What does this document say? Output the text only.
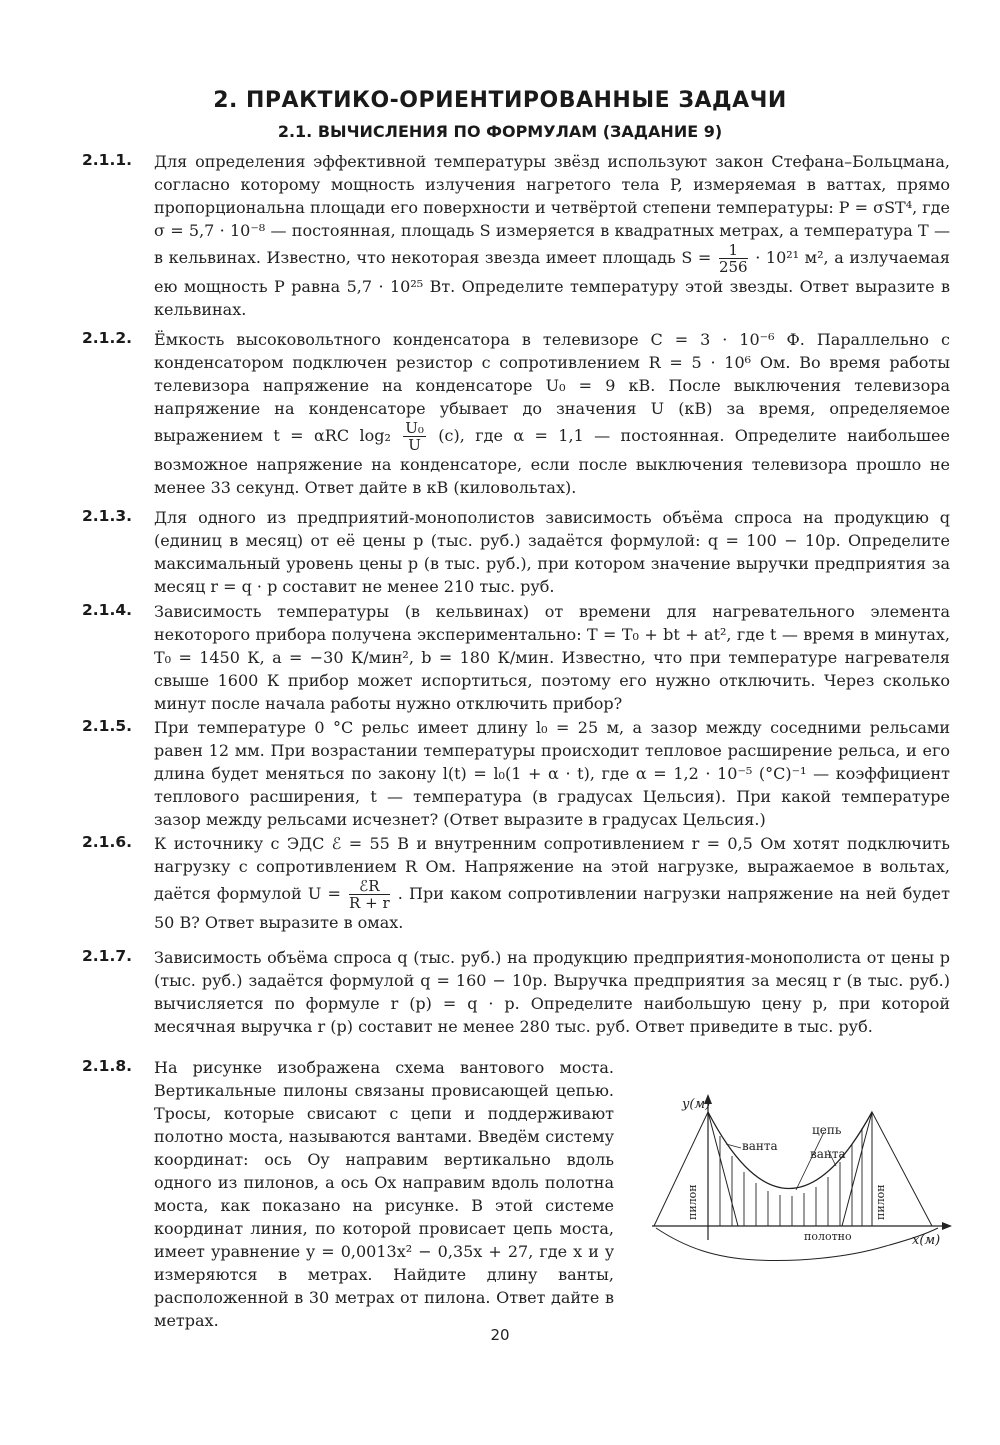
2. ПРАКТИКО-ОРИЕНТИРОВАННЫЕ ЗАДАЧИ
2.1. ВЫЧИСЛЕНИЯ ПО ФОРМУЛАМ (ЗАДАНИЕ 9)
2.1.1. Для определения эффективной температуры звёзд используют закон Стефана–Больцмана, согласно которому мощность излучения нагретого тела P, измеряемая в ваттах, прямо пропорциональна площади его поверхности и четвёртой степени температуры: P = σST⁴, где σ = 5,7 · 10⁻⁸ — постоянная, площадь S измеряется в квадратных метрах, а температура T — в кельвинах. Известно, что некоторая звезда имеет площадь $S = \frac{1}{256} \cdot 10^{21}$ м², а излучаемая ею мощность P равна 5,7 · 10²⁵ Вт. Определите температуру этой звезды. Ответ выразите в кельвинах.
2.1.2. Ёмкость высоковольтного конденсатора в телевизоре C = 3 · 10⁻⁶ Ф. Параллельно с конденсатором подключен резистор с сопротивлением R = 5 · 10⁶ Ом. Во время работы телевизора напряжение на конденсаторе U₀ = 9 кВ. После выключения телевизора напряжение на конденсаторе убывает до значения U (кВ) за время, определяемое выражением t = αRC $\log_2 \frac{\text{U₀}}{U} (с)$, где α = 1,1 — постоянная. Определите наибольшее возможное напряжение на конденсаторе, если после выключения телевизора прошло не менее 33 секунд. Ответ дайте в кВ (киловольтах).
2.1.3. Для одного из предприятий-монополистов зависимость объёма спроса на продукцию q (единиц в месяц) от её цены p (тыс. руб.) задаётся формулой: q = 100 − 10p. Определите максимальный уровень цены p (в тыс. руб.), при котором значение выручки предприятия за месяц r = q · p составит не менее 210 тыс. руб.
2.1.4. Зависимость температуры (в кельвинах) от времени для нагревательного элемента некоторого прибора получена экспериментально: T = T₀ + bt + at², где t — время в минутах, T₀ = 1450 К, a = −30 К/мин², b = 180 К/мин. Известно, что при температуре нагревателя свыше 1600 К прибор может испортиться, поэтому его нужно отключить. Через сколько минут после начала работы нужно отключить прибор?
2.1.5. При температуре 0 °C рельс имеет длину l₀ = 25 м, а зазор между соседними рельсами равен 12 мм. При возрастании температуры происходит тепловое расширение рельса, и его длина будет меняться по закону l(t) = l₀(1 + α · t), где α = 1,2 · 10⁻⁵ (°C)⁻¹ — коэффициент теплового расширения, t — температура (в градусах Цельсия). При какой температуре зазор между рельсами исчезнет? (Ответ выразите в градусах Цельсия.)
2.1.6. К источнику с ЭДС ℰ = 55 В и внутренним сопротивлением r = 0,5 Ом хотят подключить нагрузку с сопротивлением R Ом. Напряжение на этой нагрузке, выражаемое в вольтах, даётся формулой $U = \frac{\text{ℰR}}{R + r}$ . При каком сопротивлении нагрузки напряжение на ней будет 50 В? Ответ выразите в омах.
2.1.7. Зависимость объёма спроса q (тыс. руб.) на продукцию предприятия-монополиста от цены p (тыс. руб.) задаётся формулой q = 160 − 10p. Выручка предприятия за месяц r (в тыс. руб.) вычисляется по формуле r (p) = q · p. Определите наибольшую цену p, при которой месячная выручка r (p) составит не менее 280 тыс. руб. Ответ приведите в тыс. руб.
2.1.8. На рисунке изображена схема вантового моста. Вертикальные пилоны связаны провисающей цепью. Тросы, которые свисают с цепи и поддерживают полотно моста, называются вантами. Введём систему координат: ось Oy направим вертикально вдоль одного из пилонов, а ось Ox направим вдоль полотна моста, как показано на рисунке. В этой системе координат линия, по которой провисает цепь моста, имеет уравнение y = 0,0013x² − 0,35x + 27, где x и y измеряются в метрах. Найдите длину ванты, расположенной в 30 метрах от пилона. Ответ дайте в метрах.
y(м)
x(м)
ванта
цепь
ванта
полотно
пилон	пилон
20
